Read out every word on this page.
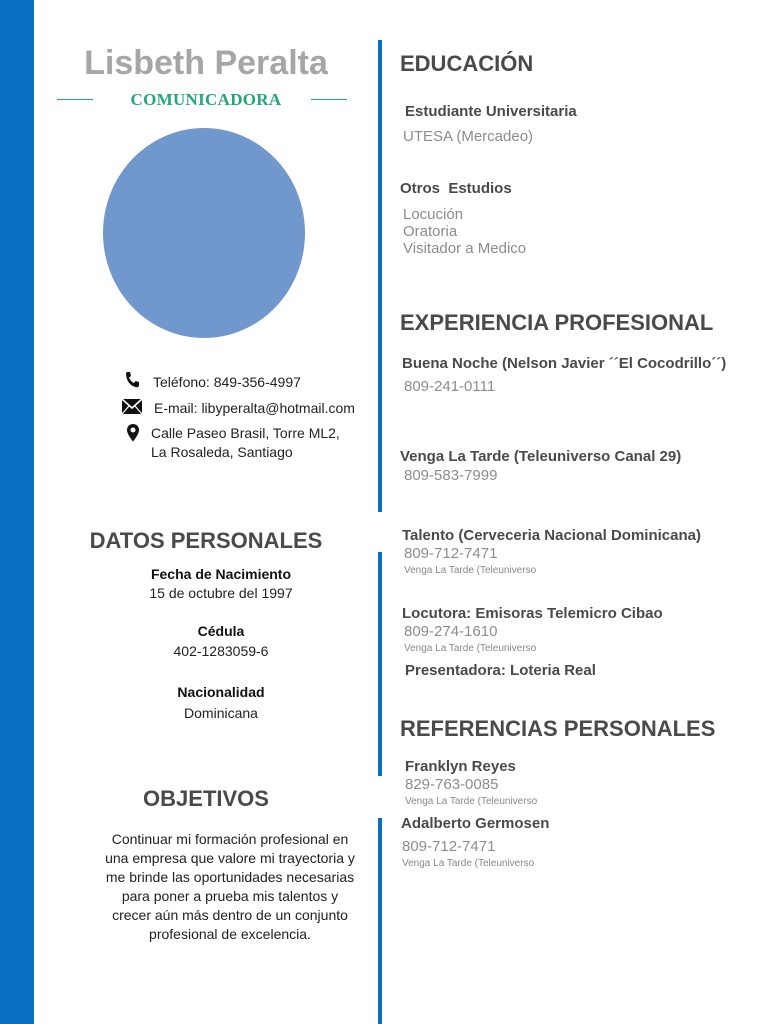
Lisbeth Peralta
COMUNICADORA
Teléfono: 849-356-4997
E-mail: libyperalta@hotmail.com
Calle Paseo Brasil, Torre ML2,
La Rosaleda, Santiago
DATOS PERSONALES
Fecha de Nacimiento
15 de octubre del 1997
Cédula
402-1283059-6
Nacionalidad
Dominicana
OBJETIVOS
Continuar mi formación profesional en una empresa que valore mi trayectoria y me brinde las oportunidades necesarias para poner a prueba mis talentos y crecer aún más dentro de un conjunto profesional de excelencia.
EDUCACIÓN
Estudiante Universitaria
UTESA (Mercadeo)
Otros  Estudios
Locución
Oratoria
Visitador a Medico
EXPERIENCIA PROFESIONAL
Buena Noche (Nelson Javier ´´El Cocodrillo´´)
809-241-0111
Venga La Tarde (Teleuniverso Canal 29)
809-583-7999
Talento (Cerveceria Nacional Dominicana)
809-712-7471
Venga La Tarde (Teleuniverso
Locutora: Emisoras Telemicro Cibao
809-274-1610
Venga La Tarde (Teleuniverso
Presentadora: Loteria Real
REFERENCIAS PERSONALES
Franklyn Reyes
829-763-0085
Venga La Tarde (Teleuniverso
Adalberto Germosen
809-712-7471
Venga La Tarde (Teleuniverso
